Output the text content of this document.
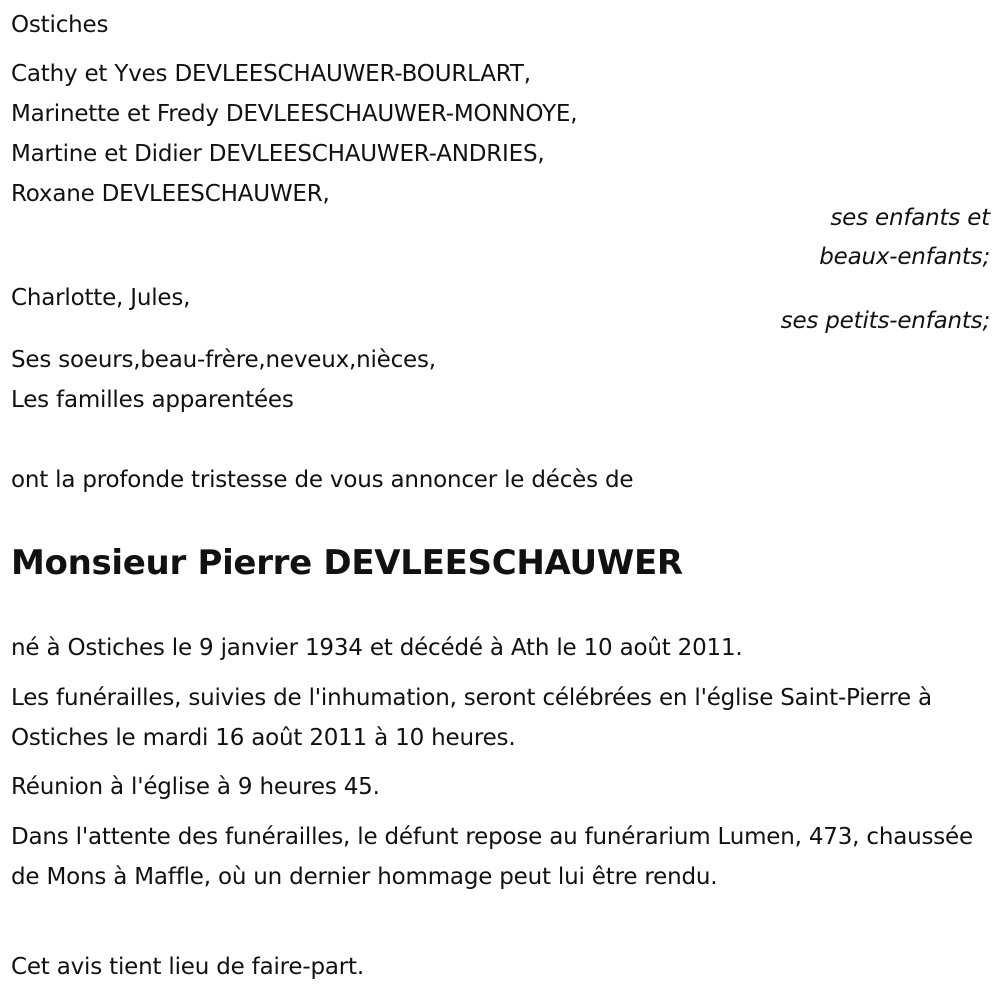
Ostiches
Cathy et Yves DEVLEESCHAUWER-BOURLART,
Marinette et Fredy DEVLEESCHAUWER-MONNOYE,
Martine et Didier DEVLEESCHAUWER-ANDRIES,
Roxane DEVLEESCHAUWER,
ses enfants et
beaux-enfants;
Charlotte, Jules,
ses petits-enfants;
Ses soeurs,beau-frère,neveux,nièces,
Les familles apparentées
ont la profonde tristesse de vous annoncer le décès de
Monsieur Pierre DEVLEESCHAUWER
né à Ostiches le 9 janvier 1934 et décédé à Ath le 10 août 2011.
Les funérailles, suivies de l'inhumation, seront célébrées en l'église Saint-Pierre à Ostiches le mardi 16 août 2011 à 10 heures.
Réunion à l'église à 9 heures 45.
Dans l'attente des funérailles, le défunt repose au funérarium Lumen, 473, chaussée de Mons à Maffle, où un dernier hommage peut lui être rendu.
Cet avis tient lieu de faire-part.
